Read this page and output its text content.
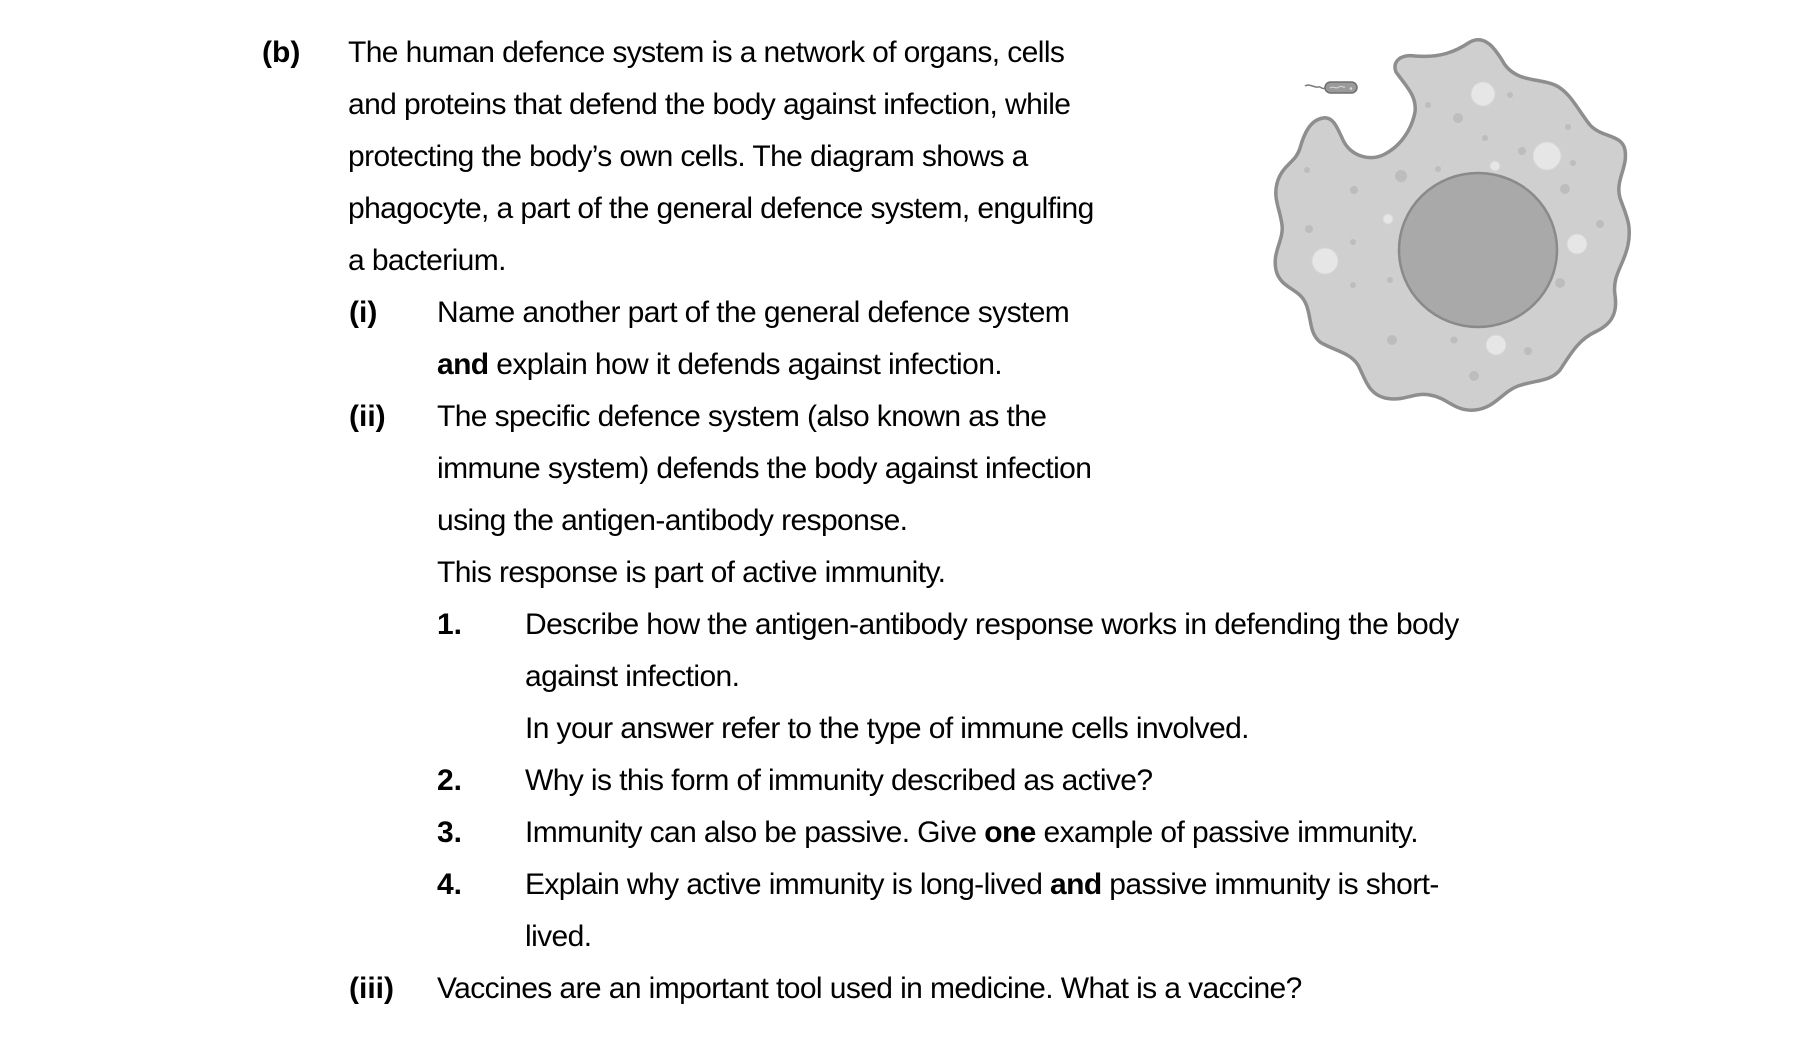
(b) The human defence system is a network of organs, cells
and proteins that defend the body against infection, while
protecting the body’s own cells. The diagram shows a
phagocyte, a part of the general defence system, engulfing
a bacterium.
(i) Name another part of the general defence system
and explain how it defends against infection.
(ii) The specific defence system (also known as the
immune system) defends the body against infection
using the antigen-antibody response.
This response is part of active immunity.
1. Describe how the antigen-antibody response works in defending the body
against infection.
In your answer refer to the type of immune cells involved.
2. Why is this form of immunity described as active?
3. Immunity can also be passive. Give one example of passive immunity.
4. Explain why active immunity is long-lived and passive immunity is short-
lived.
(iii) Vaccines are an important tool used in medicine. What is a vaccine?
